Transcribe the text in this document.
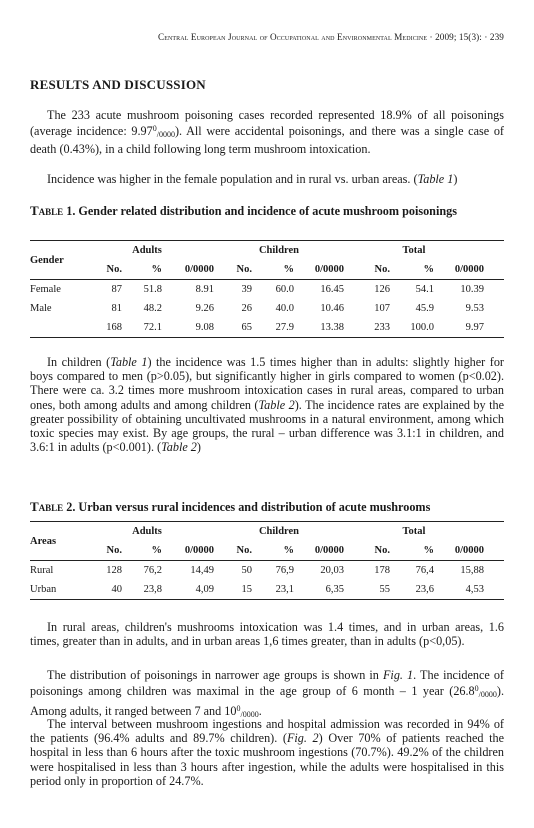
Central European Journal of Occupational and Environmental Medicine · 2009; 15(3): · 239
RESULTS AND DISCUSSION
The 233 acute mushroom poisoning cases recorded represented 18.9% of all poisonings (average incidence: $9.97^0_{/0000}$). All were accidental poisonings, and there was a single case of death (0.43%), in a child following long term mushroom intoxication.
Incidence was higher in the female population and in rural vs. urban areas. (Table 1)
Table 1. Gender related distribution and incidence of acute mushroom poisonings
Gender	Adults			Children			Total			
	No.	%	0/0000	No.	%	0/0000	No.	%	0/0000	
Female	87	51.8	8.91	39	60.0	16.45	126	54.1	10.39	
Male	81	48.2	9.26	26	40.0	10.46	107	45.9	9.53	
	168	72.1	9.08	65	27.9	13.38	233	100.0	9.97	
In children (Table 1) the incidence was 1.5 times higher than in adults: slightly higher for boys compared to men (p>0.05), but significantly higher in girls compared to women (p<0.02). There were ca. 3.2 times more mushroom intoxication cases in rural areas, compared to urban ones, both among adults and among children (Table 2). The incidence rates are explained by the greater possibility of obtaining uncultivated mushrooms in a natural environment, among which toxic species may exist. By age groups, the rural – urban difference was 3.1:1 in children, and 3.6:1 in adults (p<0.001). (Table 2)
Table 2. Urban versus rural incidences and distribution of acute mushrooms
Areas	Adults			Children			Total			
	No.	%	0/0000	No.	%	0/0000	No.	%	0/0000	
Rural	128	76,2	14,49	50	76,9	20,03	178	76,4	15,88	
Urban	40	23,8	4,09	15	23,1	6,35	55	23,6	4,53	
In rural areas, children's mushrooms intoxication was 1.4 times, and in urban areas, 1.6 times, greater than in adults, and in urban areas 1,6 times greater, than in adults (p<0,05).
The distribution of poisonings in narrower age groups is shown in Fig. 1. The incidence of poisonings among children was maximal in the age group of 6 month – 1 year $(26.8^0_{/0000})$. Among adults, it ranged between 7 and $10^0_{/0000}$.
The interval between mushroom ingestions and hospital admission was recorded in 94% of the patients (96.4% adults and 89.7% children). (Fig. 2) Over 70% of patients reached the hospital in less than 6 hours after the toxic mushroom ingestions (70.7%). 49.2% of the children were hospitalised in less than 3 hours after ingestion, while the adults were hospitalised in this period only in proportion of 24.7%.
